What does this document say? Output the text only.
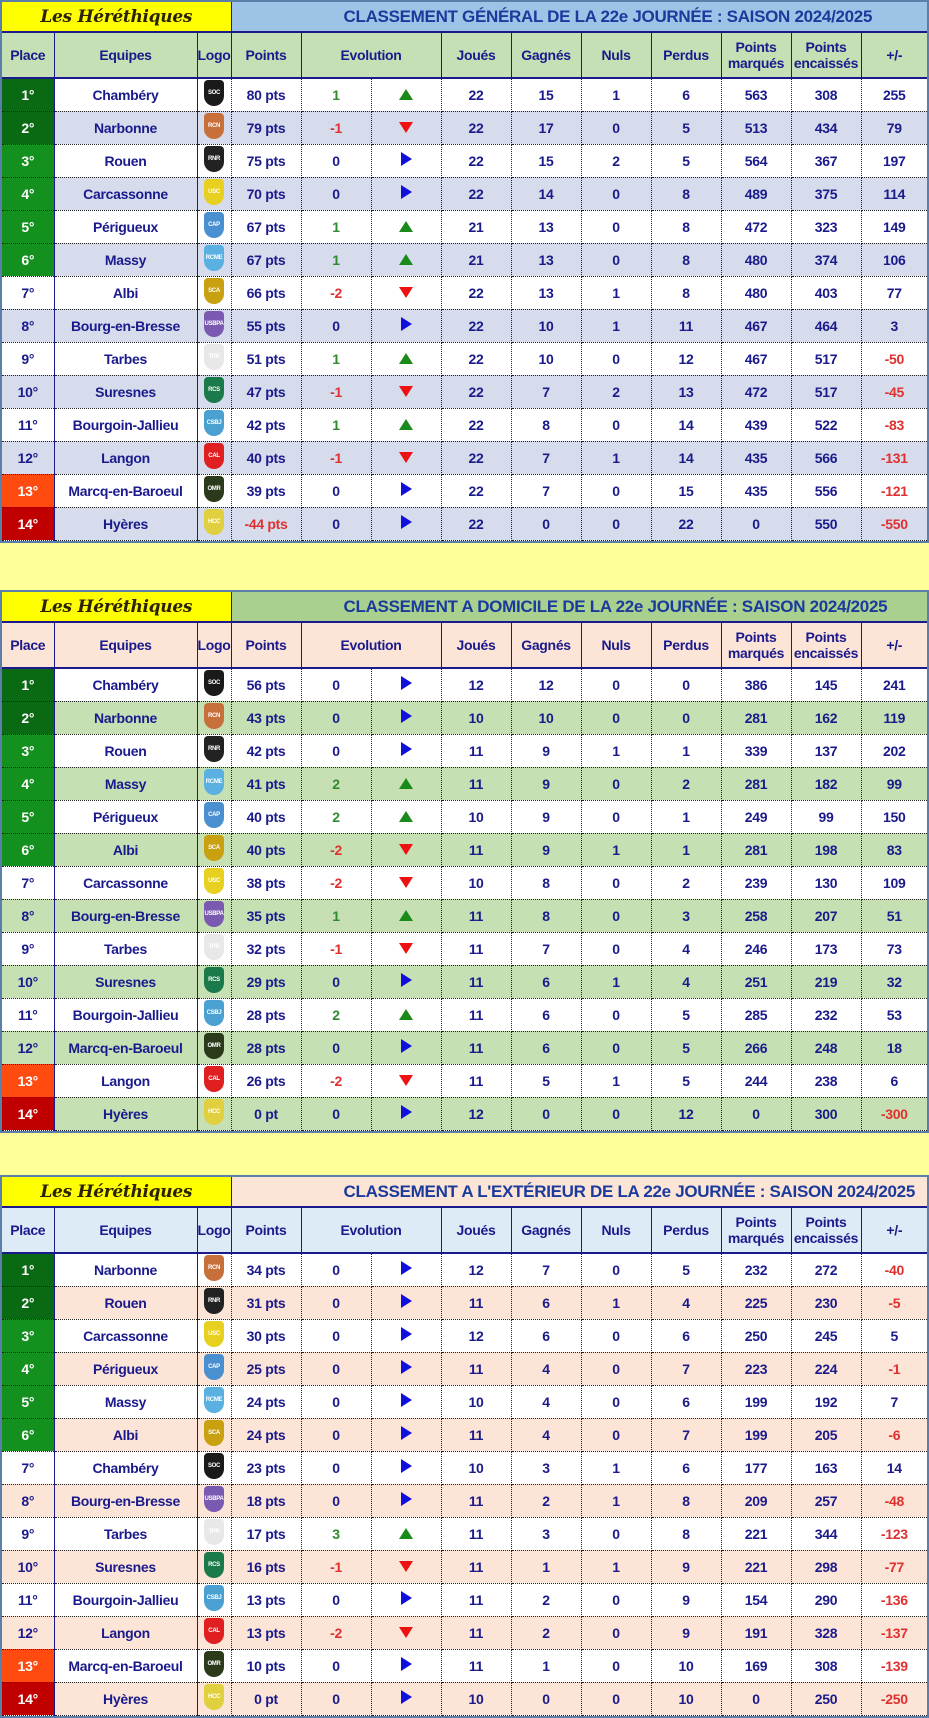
Les Héréthiques			CLASSEMENT GÉNÉRAL DE LA 22e JOURNÉE : SAISON 2024/2025									
Place	Equipes	Logo	Points	Evolution		Joués	Gagnés	Nuls	Perdus	Points marqués	Points encaissés	+/-
1°	Chambéry	SOC	80 pts	1		22	15	1	6	563	308	255
2°	Narbonne	RCN	79 pts	-1		22	17	0	5	513	434	79
3°	Rouen	RNR	75 pts	0		22	15	2	5	564	367	197
4°	Carcassonne	USC	70 pts	0		22	14	0	8	489	375	114
5°	Périgueux	CAP	67 pts	1		21	13	0	8	472	323	149
6°	Massy	RCME	67 pts	1		21	13	0	8	480	374	106
7°	Albi	SCA	66 pts	-2		22	13	1	8	480	403	77
8°	Bourg-en-Bresse	USBPA	55 pts	0		22	10	1	11	467	464	3
9°	Tarbes	TPR	51 pts	1		22	10	0	12	467	517	-50
10°	Suresnes	RCS	47 pts	-1		22	7	2	13	472	517	-45
11°	Bourgoin-Jallieu	CSBJ	42 pts	1		22	8	0	14	439	522	-83
12°	Langon	CAL	40 pts	-1		22	7	1	14	435	566	-131
13°	Marcq-en-Baroeul	OMR	39 pts	0		22	7	0	15	435	556	-121
14°	Hyères	HCC	-44 pts	0		22	0	0	22	0	550	-550
Les Héréthiques			CLASSEMENT A DOMICILE DE LA 22e JOURNÉE : SAISON 2024/2025									
Place	Equipes	Logo	Points	Evolution		Joués	Gagnés	Nuls	Perdus	Points marqués	Points encaissés	+/-
1°	Chambéry	SOC	56 pts	0		12	12	0	0	386	145	241
2°	Narbonne	RCN	43 pts	0		10	10	0	0	281	162	119
3°	Rouen	RNR	42 pts	0		11	9	1	1	339	137	202
4°	Massy	RCME	41 pts	2		11	9	0	2	281	182	99
5°	Périgueux	CAP	40 pts	2		10	9	0	1	249	99	150
6°	Albi	SCA	40 pts	-2		11	9	1	1	281	198	83
7°	Carcassonne	USC	38 pts	-2		10	8	0	2	239	130	109
8°	Bourg-en-Bresse	USBPA	35 pts	1		11	8	0	3	258	207	51
9°	Tarbes	TPR	32 pts	-1		11	7	0	4	246	173	73
10°	Suresnes	RCS	29 pts	0		11	6	1	4	251	219	32
11°	Bourgoin-Jallieu	CSBJ	28 pts	2		11	6	0	5	285	232	53
12°	Marcq-en-Baroeul	OMR	28 pts	0		11	6	0	5	266	248	18
13°	Langon	CAL	26 pts	-2		11	5	1	5	244	238	6
14°	Hyères	HCC	0 pt	0		12	0	0	12	0	300	-300
Les Héréthiques			CLASSEMENT A L'EXTÉRIEUR DE LA 22e JOURNÉE : SAISON 2024/2025									
Place	Equipes	Logo	Points	Evolution		Joués	Gagnés	Nuls	Perdus	Points marqués	Points encaissés	+/-
1°	Narbonne	RCN	34 pts	0		12	7	0	5	232	272	-40
2°	Rouen	RNR	31 pts	0		11	6	1	4	225	230	-5
3°	Carcassonne	USC	30 pts	0		12	6	0	6	250	245	5
4°	Périgueux	CAP	25 pts	0		11	4	0	7	223	224	-1
5°	Massy	RCME	24 pts	0		10	4	0	6	199	192	7
6°	Albi	SCA	24 pts	0		11	4	0	7	199	205	-6
7°	Chambéry	SOC	23 pts	0		10	3	1	6	177	163	14
8°	Bourg-en-Bresse	USBPA	18 pts	0		11	2	1	8	209	257	-48
9°	Tarbes	TPR	17 pts	3		11	3	0	8	221	344	-123
10°	Suresnes	RCS	16 pts	-1		11	1	1	9	221	298	-77
11°	Bourgoin-Jallieu	CSBJ	13 pts	0		11	2	0	9	154	290	-136
12°	Langon	CAL	13 pts	-2		11	2	0	9	191	328	-137
13°	Marcq-en-Baroeul	OMR	10 pts	0		11	1	0	10	169	308	-139
14°	Hyères	HCC	0 pt	0		10	0	0	10	0	250	-250
